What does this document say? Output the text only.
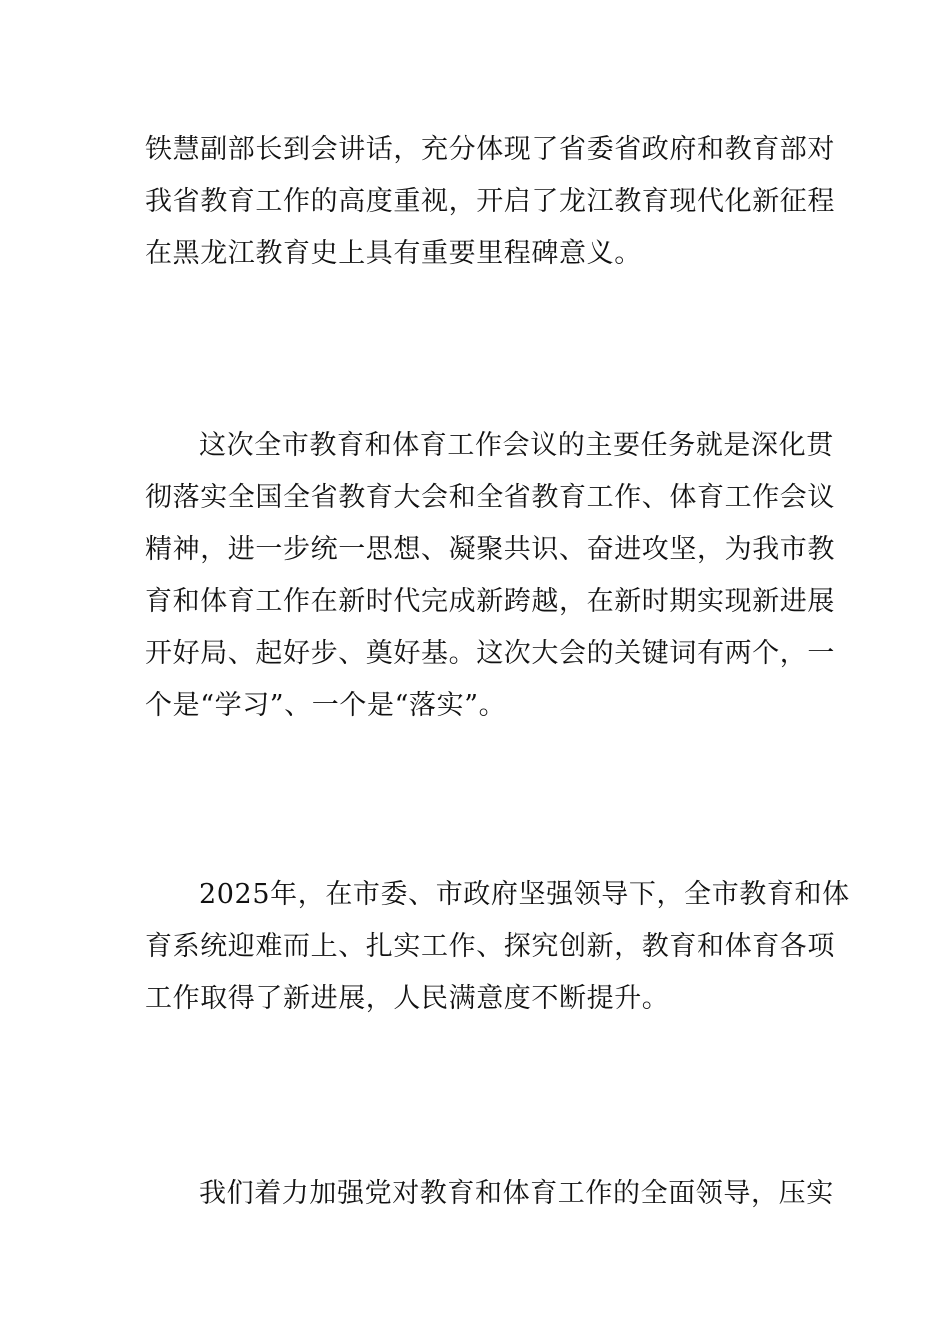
铁慧副部长到会讲话，充分体现了省委省政府和教育部对
我省教育工作的高度重视，开启了龙江教育现代化新征程
在黑龙江教育史上具有重要里程碑意义。
这次全市教育和体育工作会议的主要任务就是深化贯
彻落实全国全省教育大会和全省教育工作、体育工作会议
精神，进一步统一思想、凝聚共识、奋进攻坚，为我市教
育和体育工作在新时代完成新跨越，在新时期实现新进展
开好局、起好步、奠好基。这次大会的关键词有两个，一
个是“学习”、一个是“落实”。
2025年，在市委、市政府坚强领导下，全市教育和体
育系统迎难而上、扎实工作、探究创新，教育和体育各项
工作取得了新进展，人民满意度不断提升。
我们着力加强党对教育和体育工作的全面领导，压实
